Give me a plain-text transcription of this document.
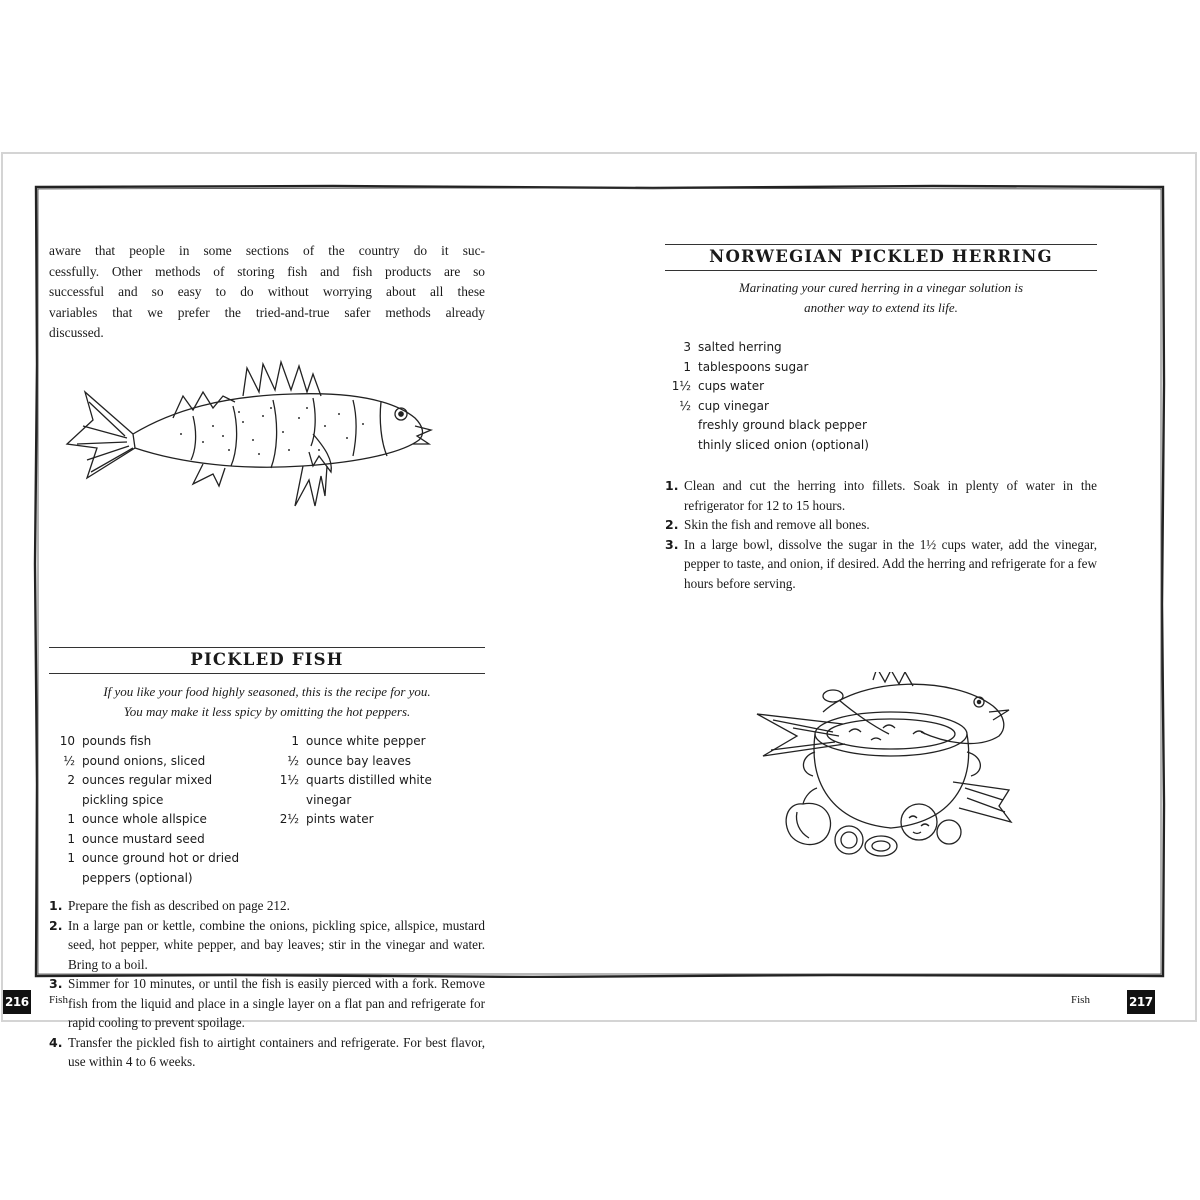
aware that people in some sections of the country do it suc-
cessfully. Other methods of storing fish and fish products are so
successful and so easy to do without worrying about all these
variables that we prefer the tried-and-true safer methods already
discussed.

PICKLED FISH

If you like your food highly seasoned, this is the recipe for you.
You may make it less spicy by omitting the hot peppers.

10 pounds fish
½ pound onions, sliced
2 ounces regular mixed pickling spice
1 ounce whole allspice
1 ounce mustard seed
1 ounce ground hot or dried peppers (optional)
1 ounce white pepper
½ ounce bay leaves
1½ quarts distilled white vinegar
2½ pints water
1. Prepare the fish as described on page 212.
2. In a large pan or kettle, combine the onions, pickling spice, allspice, mustard seed, hot pepper, white pepper, and bay leaves; stir in the vinegar and water. Bring to a boil.
3. Simmer for 10 minutes, or until the fish is easily pierced with a fork. Remove fish from the liquid and place in a single layer on a flat pan and refrigerate for rapid cooling to prevent spoilage.
4. Transfer the pickled fish to airtight containers and refrigerate. For best flavor, use within 4 to 6 weeks.
216 Fish
NORWEGIAN PICKLED HERRING

Marinating your cured herring in a vinegar solution is
another way to extend its life.

3 salted herring
1 tablespoons sugar
1½ cups water
½ cup vinegar
freshly ground black pepper
thinly sliced onion (optional)
1. Clean and cut the herring into fillets. Soak in plenty of water in the refrigerator for 12 to 15 hours.
2. Skin the fish and remove all bones.
3. In a large bowl, dissolve the sugar in the 1½ cups water, add the vinegar, pepper to taste, and onion, if desired. Add the herring and refrigerate for a few hours before serving.
Fish	217
